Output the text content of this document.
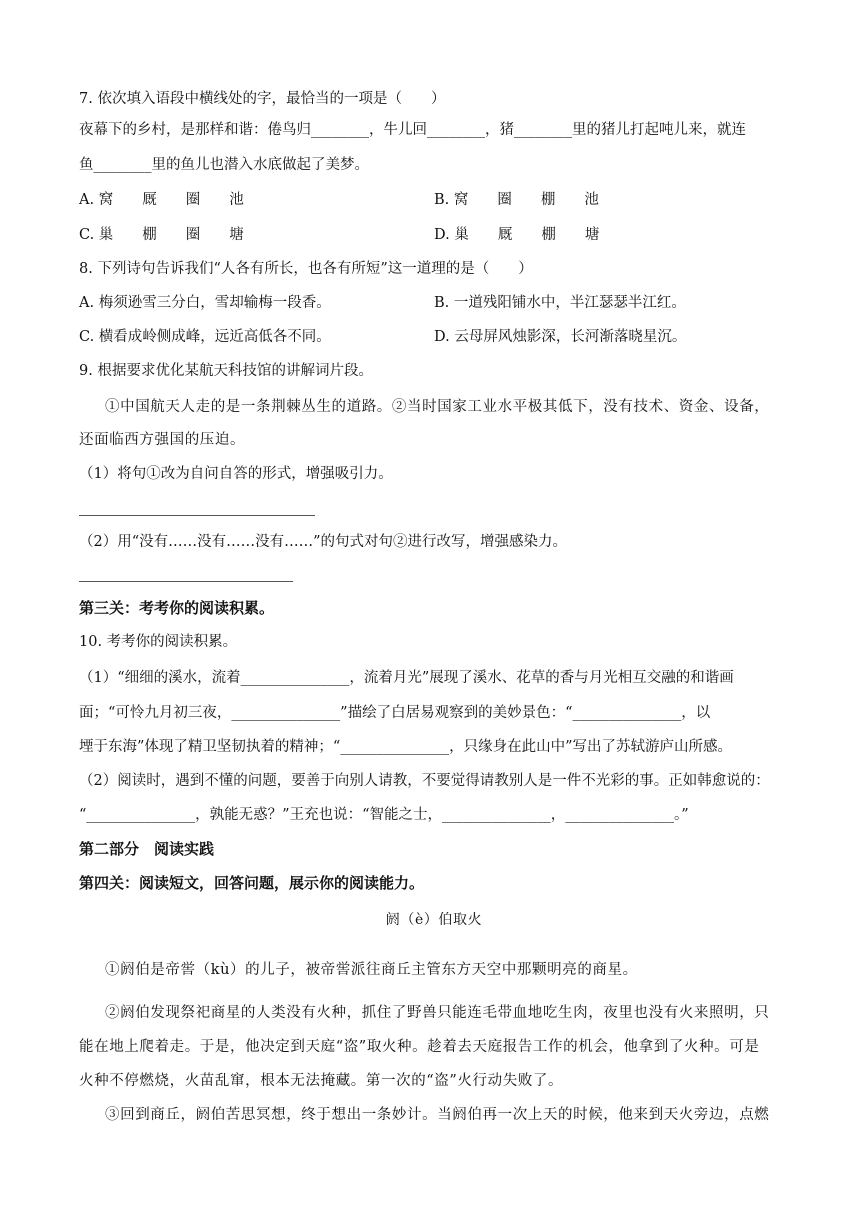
7. 依次填入语段中横线处的字，最恰当的一项是（　　）
夜幕下的乡村，是那样和谐：倦鸟归________，牛儿回________，猪________里的猪儿打起吨儿来，就连
鱼________里的鱼儿也潜入水底做起了美梦。
A. 窝　　厩　　圈　　池	B. 窝　　圈　　棚　　池
C. 巢　　棚　　圈　　塘	D. 巢　　厩　　棚　　塘
8. 下列诗句告诉我们“人各有所长，也各有所短”这一道理的是（　　）
A. 梅须逊雪三分白，雪却输梅一段香。	B. 一道残阳铺水中，半江瑟瑟半江红。
C. 横看成岭侧成峰，远近高低各不同。	D. 云母屏风烛影深，长河渐落晓星沉。
9. 根据要求优化某航天科技馆的讲解词片段。
①中国航天人走的是一条荆棘丛生的道路。②当时国家工业水平极其低下，没有技术、资金、设备，
还面临西方强国的压迫。
（1）将句①改为自问自答的形式，增强吸引力。
（2）用“没有……没有……没有……”的句式对句②进行改写，增强感染力。
第三关：考考你的阅读积累。
10. 考考你的阅读积累。
（1）“细细的溪水，流着_______________，流着月光”展现了溪水、花草的香与月光相互交融的和谐画
面；“可怜九月初三夜，_______________”描绘了白居易观察到的美妙景色：“_______________，以
堙于东海”体现了精卫坚韧执着的精神；“_______________，只缘身在此山中”写出了苏轼游庐山所感。
（2）阅读时，遇到不懂的问题，要善于向别人请教，不要觉得请教别人是一件不光彩的事。正如韩愈说的：
“_______________，孰能无惑？”王充也说：“智能之士，_______________，_______________。”
第二部分　阅读实践
第四关：阅读短文，回答问题，展示你的阅读能力。
阏（è）伯取火
①阏伯是帝喾（kù）的儿子，被帝喾派往商丘主管东方天空中那颗明亮的商星。
②阏伯发现祭祀商星的人类没有火种，抓住了野兽只能连毛带血地吃生肉，夜里也没有火来照明，只
能在地上爬着走。于是，他决定到天庭“盗”取火种。趁着去天庭报告工作的机会，他拿到了火种。可是
火种不停燃烧，火苗乱窜，根本无法掩藏。第一次的“盗”火行动失败了。
③回到商丘，阏伯苦思冥想，终于想出一条妙计。当阏伯再一次上天的时候，他来到天火旁边，点燃
